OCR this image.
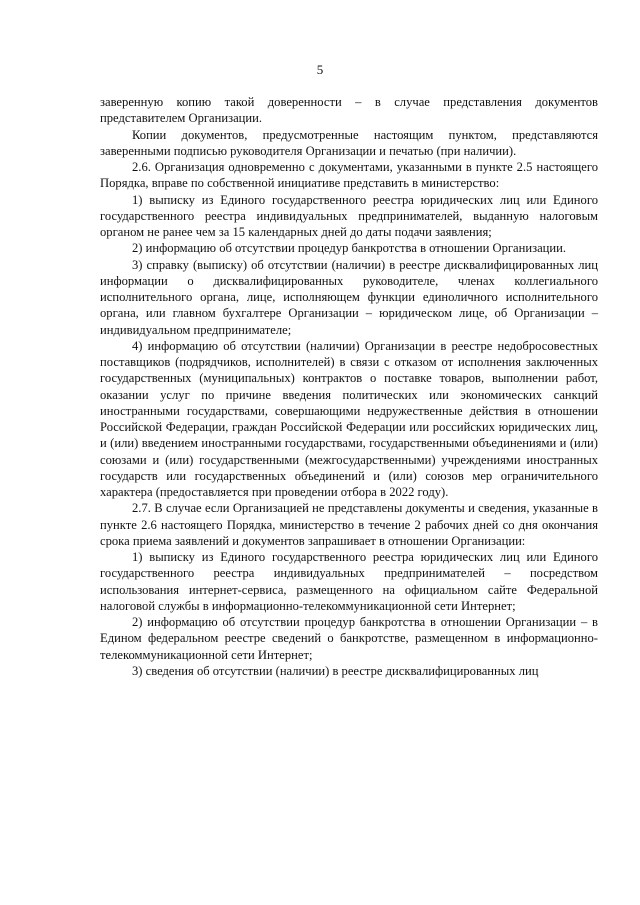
5

заверенную копию такой доверенности – в случае представления документов представителем Организации.

Копии документов, предусмотренные настоящим пунктом, представляются заверенными подписью руководителя Организации и печатью (при наличии).

2.6. Организация одновременно с документами, указанными в пункте 2.5 настоящего Порядка, вправе по собственной инициативе представить в министерство:

1) выписку из Единого государственного реестра юридических лиц или Единого государственного реестра индивидуальных предпринимателей, выданную налоговым органом не ранее чем за 15 календарных дней до даты подачи заявления;

2) информацию об отсутствии процедур банкротства в отношении Организации.

3) справку (выписку) об отсутствии (наличии) в реестре дисквалифицированных лиц информации о дисквалифицированных руководителе, членах коллегиального исполнительного органа, лице, исполняющем функции единоличного исполнительного органа, или главном бухгалтере Организации – юридическом лице, об Организации – индивидуальном предпринимателе;

4) информацию об отсутствии (наличии) Организации в реестре недобросовестных поставщиков (подрядчиков, исполнителей) в связи с отказом от исполнения заключенных государственных (муниципальных) контрактов о поставке товаров, выполнении работ, оказании услуг по причине введения политических или экономических санкций иностранными государствами, совершающими недружественные действия в отношении Российской Федерации, граждан Российской Федерации или российских юридических лиц, и (или) введением иностранными государствами, государственными объединениями и (или) союзами и (или) государственными (межгосударственными) учреждениями иностранных государств или государственных объединений и (или) союзов мер ограничительного характера (предоставляется при проведении отбора в 2022 году).

2.7. В случае если Организацией не представлены документы и сведения, указанные в пункте 2.6 настоящего Порядка, министерство в течение 2 рабочих дней со дня окончания срока приема заявлений и документов запрашивает в отношении Организации:

1) выписку из Единого государственного реестра юридических лиц или Единого государственного реестра индивидуальных предпринимателей – посредством использования интернет-сервиса, размещенного на официальном сайте Федеральной налоговой службы в информационно-телекоммуникационной сети Интернет;

2) информацию об отсутствии процедур банкротства в отношении Организации – в Едином федеральном реестре сведений о банкротстве, размещенном в информационно-телекоммуникационной сети Интернет;

3) сведения об отсутствии (наличии) в реестре дисквалифицированных лиц
